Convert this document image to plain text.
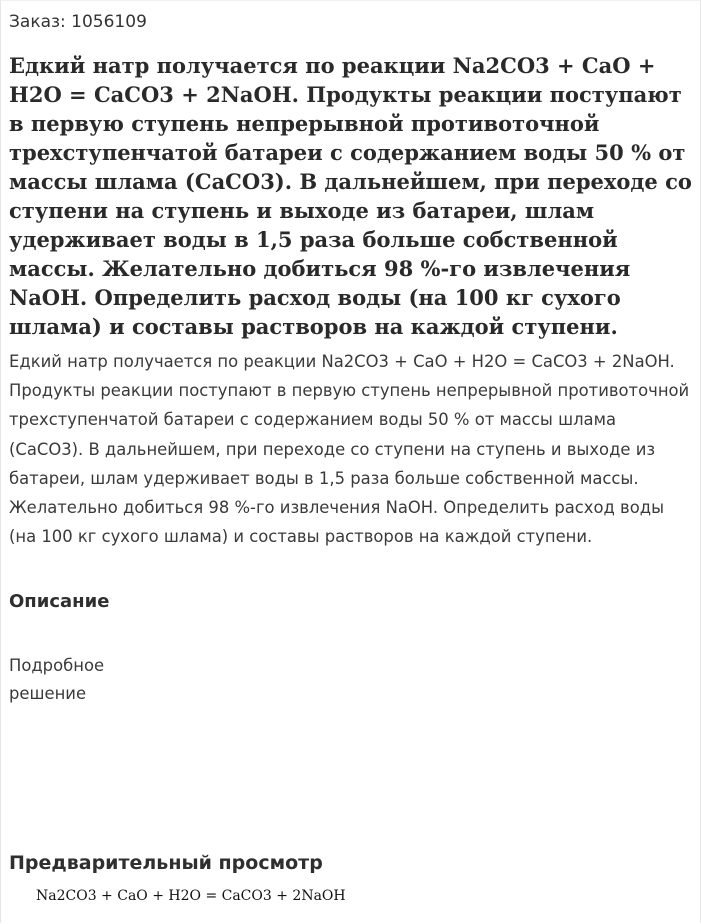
Заказ: 1056109
Едкий натр получается по реакции Na2CO3 + CaO + H2O = CaCO3 + 2NaOH. Продукты реакции поступают в первую ступень непрерывной противоточной трехступенчатой батареи с содержанием воды 50 % от массы шлама (CaCO3). В дальнейшем, при переходе со ступени на ступень и выходе из батареи, шлам удерживает воды в 1,5 раза больше собственной массы. Желательно добиться 98 %-го извлечения NaOH. Определить расход воды (на 100 кг сухого шлама) и составы растворов на каждой ступени.

Едкий натр получается по реакции Na2CO3 + CaO + H2O = CaCO3 + 2NaOH. Продукты реакции поступают в первую ступень непрерывной противоточной трехступенчатой батареи с содержанием воды 50 % от массы шлама (CaCO3). В дальнейшем, при переходе со ступени на ступень и выходе из батареи, шлам удерживает воды в 1,5 раза больше собственной массы. Желательно добиться 98 %-го извлечения NaOH. Определить расход воды (на 100 кг сухого шлама) и составы растворов на каждой ступени.

Описание

Подробное решение

Предварительный просмотр
Na2CO3 + CaO + H2O = CaCO3 + 2NaOH
